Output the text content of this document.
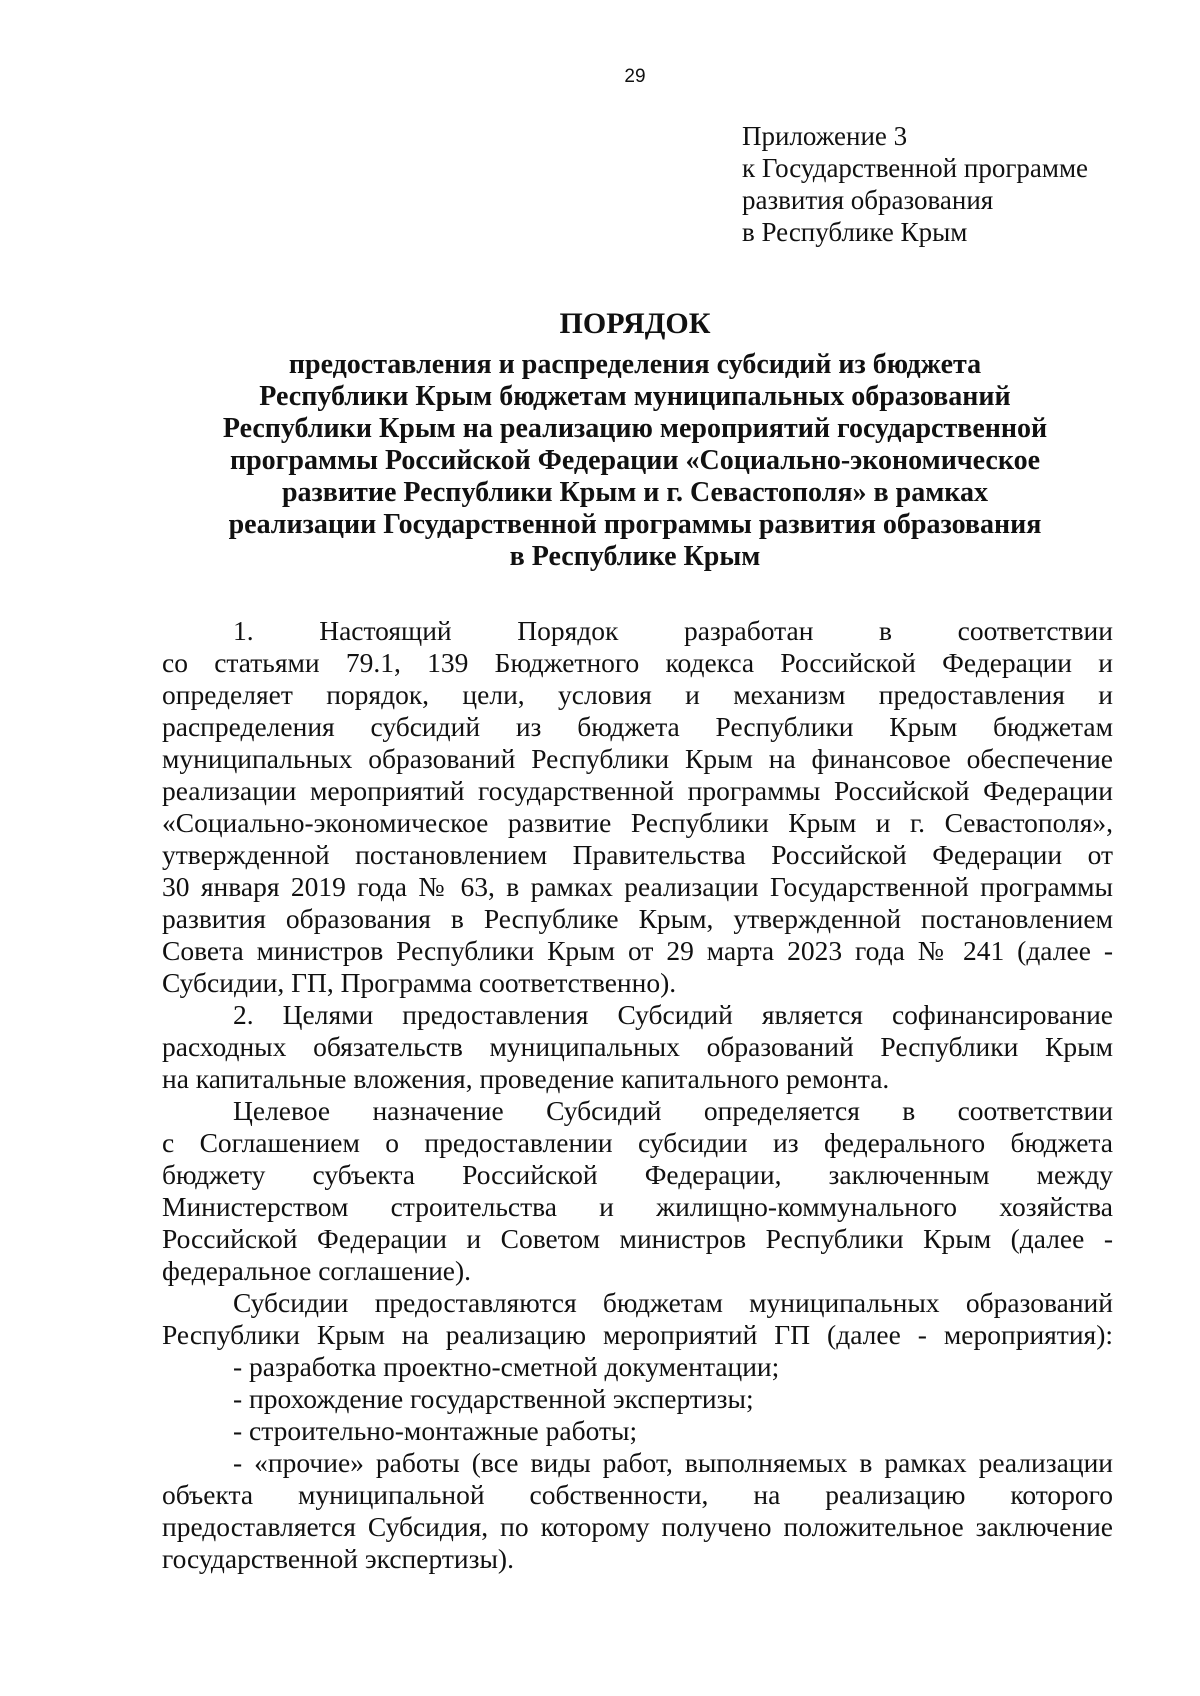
29
Приложение 3
к Государственной программе
развития образования
в Республике Крым
ПОРЯДОК
предоставления и распределения субсидий из бюджета
Республики Крым бюджетам муниципальных образований
Республики Крым на реализацию мероприятий государственной
программы Российской Федерации «Социально-экономическое
развитие Республики Крым и г. Севастополя» в рамках
реализации Государственной программы развития образования
в Республике Крым
1. Настоящий Порядок разработан в соответствии
со статьями 79.1, 139 Бюджетного кодекса Российской Федерации и
определяет порядок, цели, условия и механизм предоставления и
распределения субсидий из бюджета Республики Крым бюджетам
муниципальных образований Республики Крым на финансовое обеспечение
реализации мероприятий государственной программы Российской Федерации
«Социально-экономическое развитие Республики Крым и г. Севастополя»,
утвержденной постановлением Правительства Российской Федерации от
30 января 2019 года № 63, в рамках реализации Государственной программы
развития образования в Республике Крым, утвержденной постановлением
Совета министров Республики Крым от 29 марта 2023 года № 241 (далее -
Субсидии, ГП, Программа соответственно).
2. Целями предоставления Субсидий является софинансирование
расходных обязательств муниципальных образований Республики Крым
на капитальные вложения, проведение капитального ремонта.
Целевое назначение Субсидий определяется в соответствии
с Соглашением о предоставлении субсидии из федерального бюджета
бюджету субъекта Российской Федерации, заключенным между
Министерством строительства и жилищно-коммунального хозяйства
Российской Федерации и Советом министров Республики Крым (далее -
федеральное соглашение).
Субсидии предоставляются бюджетам муниципальных образований
Республики Крым на реализацию мероприятий ГП (далее - мероприятия):
- разработка проектно-сметной документации;
- прохождение государственной экспертизы;
- строительно-монтажные работы;
- «прочие» работы (все виды работ, выполняемых в рамках реализации
объекта муниципальной собственности, на реализацию которого
предоставляется Субсидия, по которому получено положительное заключение
государственной экспертизы).
